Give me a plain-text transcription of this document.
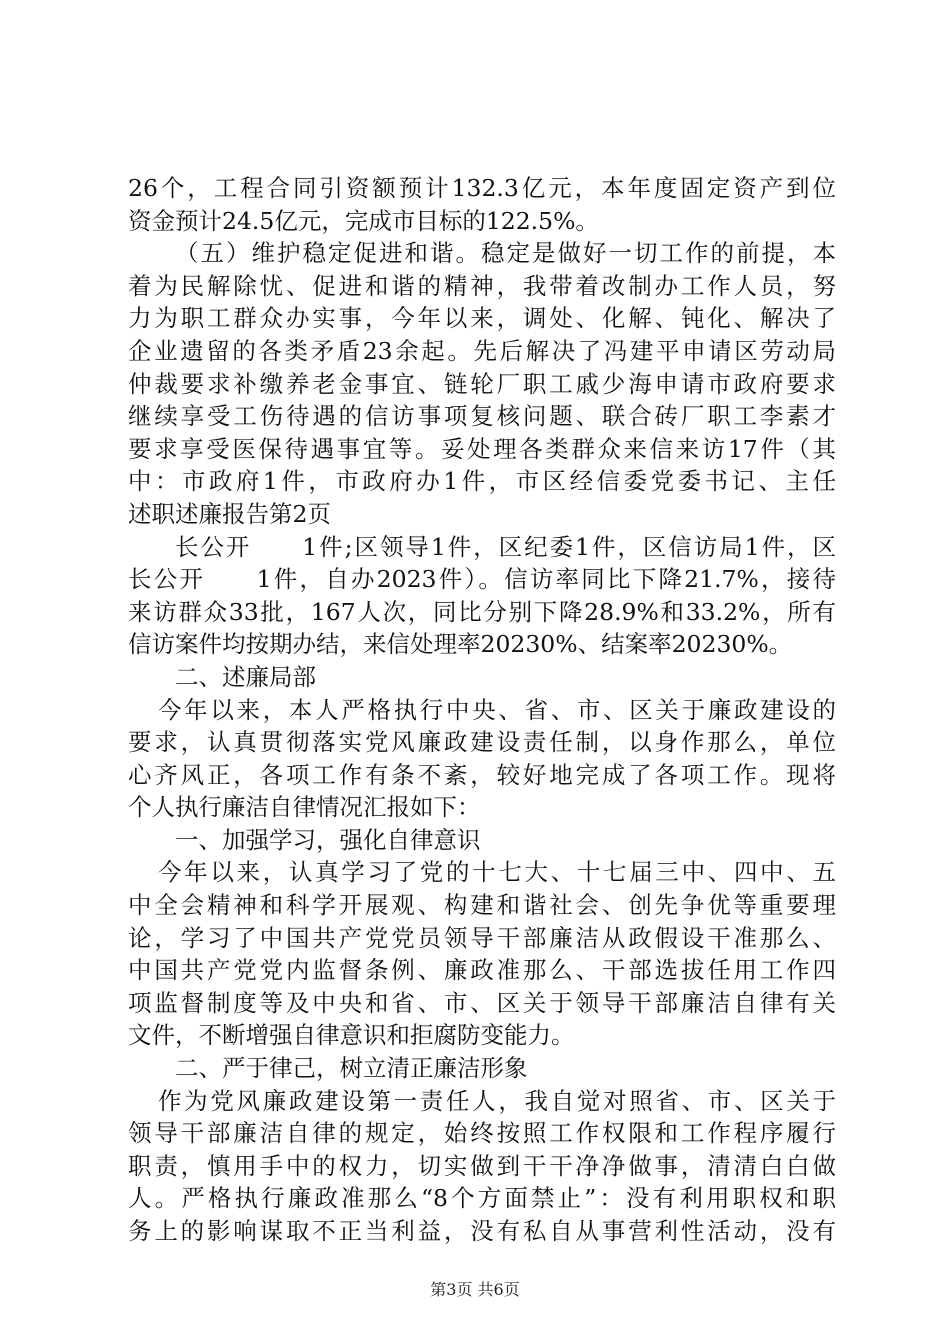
26个，工程合同引资额预计132.3亿元，本年度固定资产到位
资金预计24.5亿元，完成市目标的122.5%。
（五）维护稳定促进和谐。稳定是做好一切工作的前提，本
着为民解除忧、促进和谐的精神，我带着改制办工作人员，努
力为职工群众办实事，今年以来，调处、化解、钝化、解决了
企业遗留的各类矛盾23余起。先后解决了冯建平申请区劳动局
仲裁要求补缴养老金事宜、链轮厂职工戚少海申请市政府要求
继续享受工伤待遇的信访事项复核问题、联合砖厂职工李素才
要求享受医保待遇事宜等。妥处理各类群众来信来访17件（其
中：市政府1件，市政府办1件，市区经信委党委书记、主任
述职述廉报告第2页
长公开　　1件;区领导1件，区纪委1件，区信访局1件，区
长公开　　1件，自办2023件）。信访率同比下降21.7%，接待
来访群众33批，167人次，同比分别下降28.9%和33.2%，所有
信访案件均按期办结，来信处理率20230%、结案率20230%。
二、述廉局部
今年以来，本人严格执行中央、省、市、区关于廉政建设的
要求，认真贯彻落实党风廉政建设责任制，以身作那么，单位
心齐风正，各项工作有条不紊，较好地完成了各项工作。现将
个人执行廉洁自律情况汇报如下：
一、加强学习，强化自律意识
今年以来，认真学习了党的十七大、十七届三中、四中、五
中全会精神和科学开展观、构建和谐社会、创先争优等重要理
论，学习了中国共产党党员领导干部廉洁从政假设干准那么、
中国共产党党内监督条例、廉政准那么、干部选拔任用工作四
项监督制度等及中央和省、市、区关于领导干部廉洁自律有关
文件，不断增强自律意识和拒腐防变能力。
二、严于律己，树立清正廉洁形象
作为党风廉政建设第一责任人，我自觉对照省、市、区关于
领导干部廉洁自律的规定，始终按照工作权限和工作程序履行
职责，慎用手中的权力，切实做到干干净净做事，清清白白做
人。严格执行廉政准那么“8个方面禁止”：没有利用职权和职
务上的影响谋取不正当利益，没有私自从事营利性活动，没有
第3页 共6页
